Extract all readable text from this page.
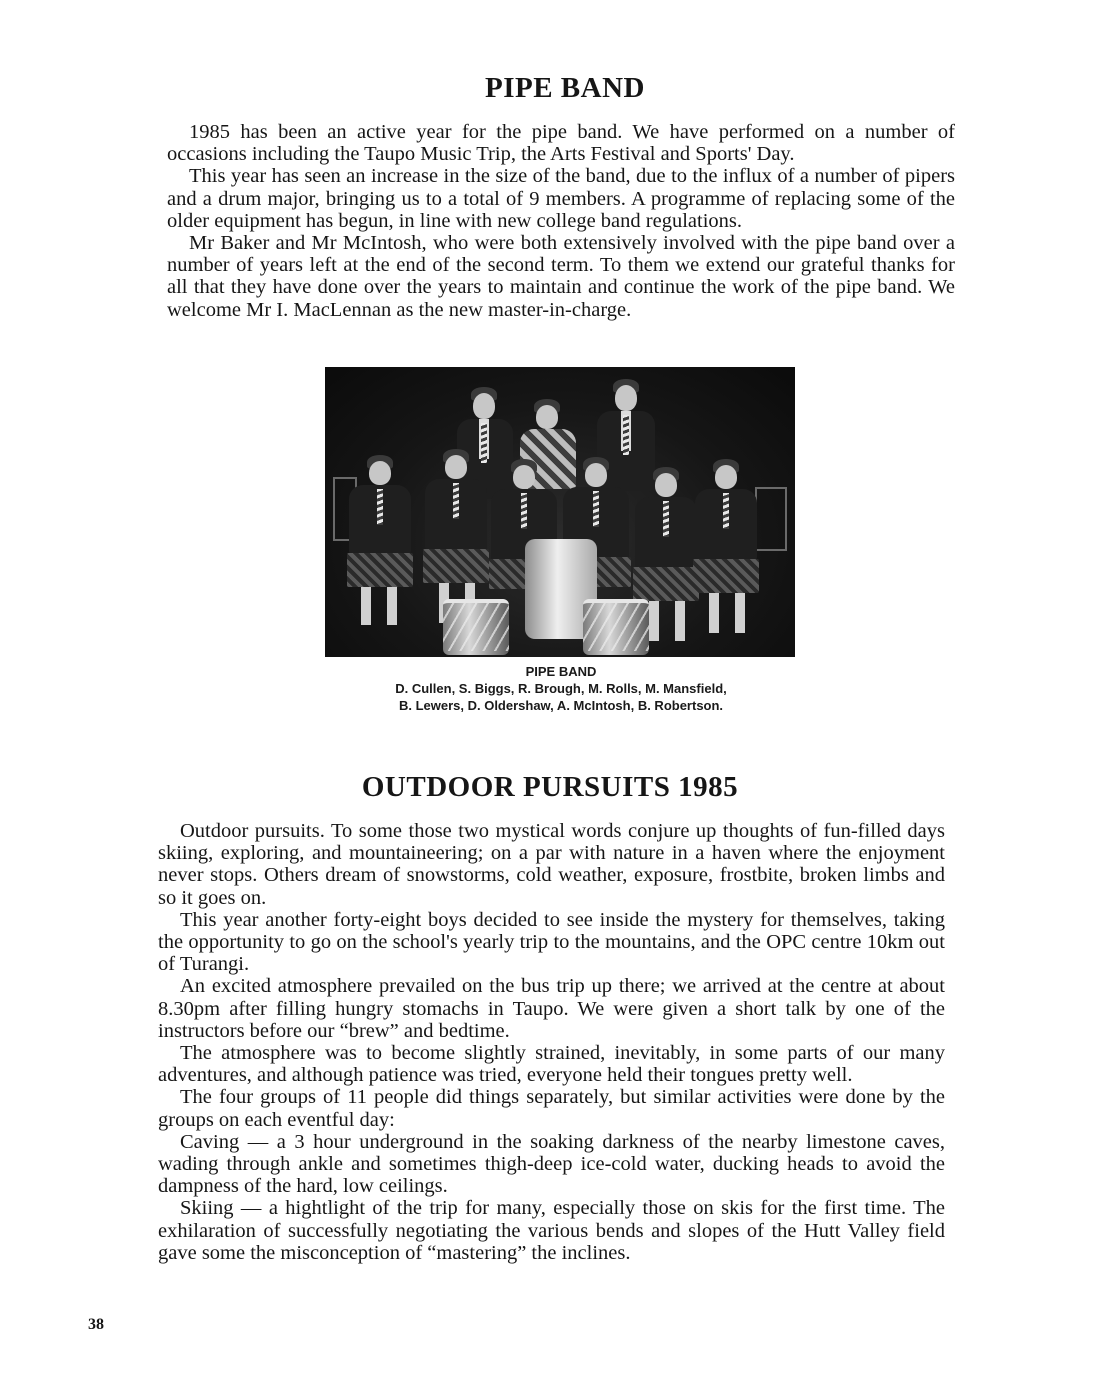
PIPE BAND

1985 has been an active year for the pipe band. We have performed on a number of occasions including the Taupo Music Trip, the Arts Festival and Sports' Day.

This year has seen an increase in the size of the band, due to the influx of a number of pipers and a drum major, bringing us to a total of 9 members. A programme of replacing some of the older equipment has begun, in line with new college band regulations.

Mr Baker and Mr McIntosh, who were both extensively involved with the pipe band over a number of years left at the end of the second term. To them we extend our grateful thanks for all that they have done over the years to maintain and continue the work of the pipe band. We welcome Mr I. MacLennan as the new master-in-charge.

PIPE BAND
D. Cullen, S. Biggs, R. Brough, M. Rolls, M. Mansfield,
B. Lewers, D. Oldershaw, A. McIntosh, B. Robertson.
OUTDOOR PURSUITS 1985

Outdoor pursuits. To some those two mystical words conjure up thoughts of fun-filled days skiing, exploring, and mountaineering; on a par with nature in a haven where the enjoyment never stops. Others dream of snowstorms, cold weather, exposure, frostbite, broken limbs and so it goes on.

This year another forty-eight boys decided to see inside the mystery for themselves, taking the opportunity to go on the school's yearly trip to the mountains, and the OPC centre 10km out of Turangi.

An excited atmosphere prevailed on the bus trip up there; we arrived at the centre at about 8.30pm after filling hungry stomachs in Taupo. We were given a short talk by one of the instructors before our “brew” and bedtime.

The atmosphere was to become slightly strained, inevitably, in some parts of our many adventures, and although patience was tried, everyone held their tongues pretty well.

The four groups of 11 people did things separately, but similar activities were done by the groups on each eventful day:

Caving — a 3 hour underground in the soaking darkness of the nearby limestone caves, wading through ankle and sometimes thigh-deep ice-cold water, ducking heads to avoid the dampness of the hard, low ceilings.

Skiing — a hightlight of the trip for many, especially those on skis for the first time. The exhilaration of successfully negotiating the various bends and slopes of the Hutt Valley field gave some the misconception of “mastering” the inclines.

38
